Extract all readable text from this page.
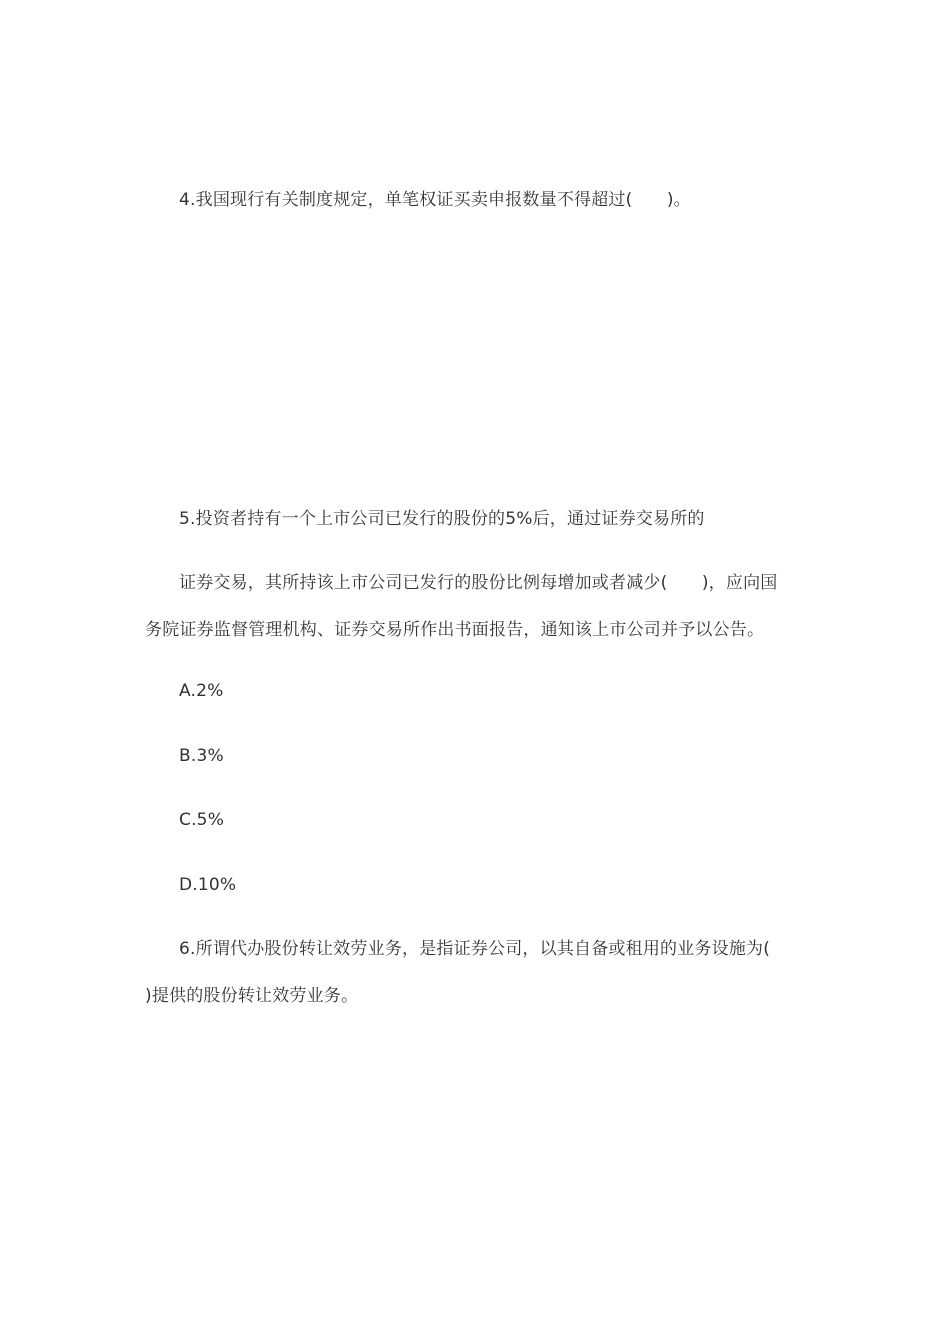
4.我国现行有关制度规定，单笔权证买卖申报数量不得超过(　　)。

5.投资者持有一个上市公司已发行的股份的5%后，通过证券交易所的

证券交易，其所持该上市公司已发行的股份比例每增加或者减少(　　)，应向国

务院证券监督管理机构、证券交易所作出书面报告，通知该上市公司并予以公告。

A.2%

B.3%

C.5%

D.10%

6.所谓代办股份转让效劳业务，是指证券公司，以其自备或租用的业务设施为(

)提供的股份转让效劳业务。
